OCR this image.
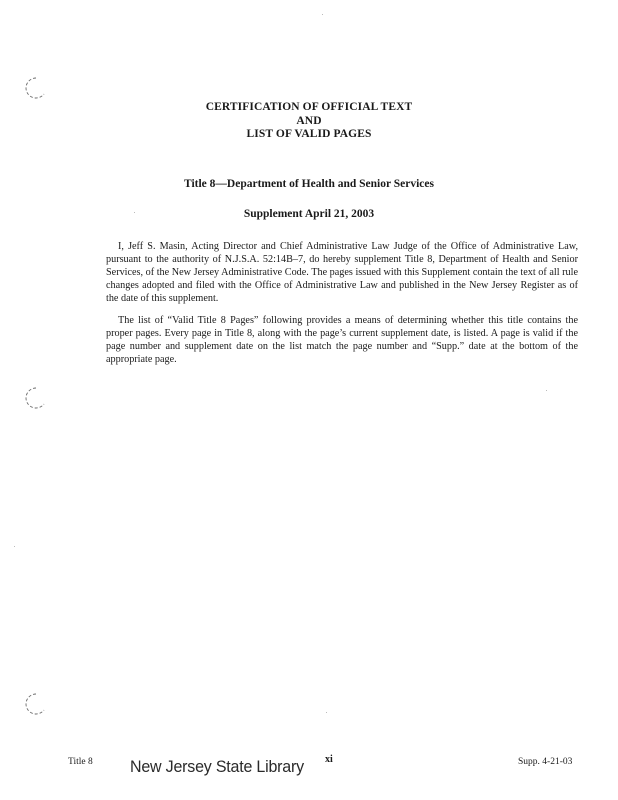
CERTIFICATION OF OFFICIAL TEXT
AND
LIST OF VALID PAGES
Title 8—Department of Health and Senior Services
Supplement April 21, 2003

I, Jeff S. Masin, Acting Director and Chief Administrative Law Judge of the Office of Administrative Law, pursuant to the authority of N.J.S.A. 52:14B–7, do hereby supplement Title 8, Department of Health and Senior Services, of the New Jersey Administrative Code. The pages issued with this Supplement contain the text of all rule changes adopted and filed with the Office of Administrative Law and published in the New Jersey Register as of the date of this supplement.

The list of “Valid Title 8 Pages” following provides a means of determining whether this title contains the proper pages. Every page in Title 8, along with the page’s current supplement date, is listed. A page is valid if the page number and supplement date on the list match the page number and “Supp.” date at the bottom of the appropriate page.

Title 8 New Jersey State Library xi	Supp. 4-21-03
